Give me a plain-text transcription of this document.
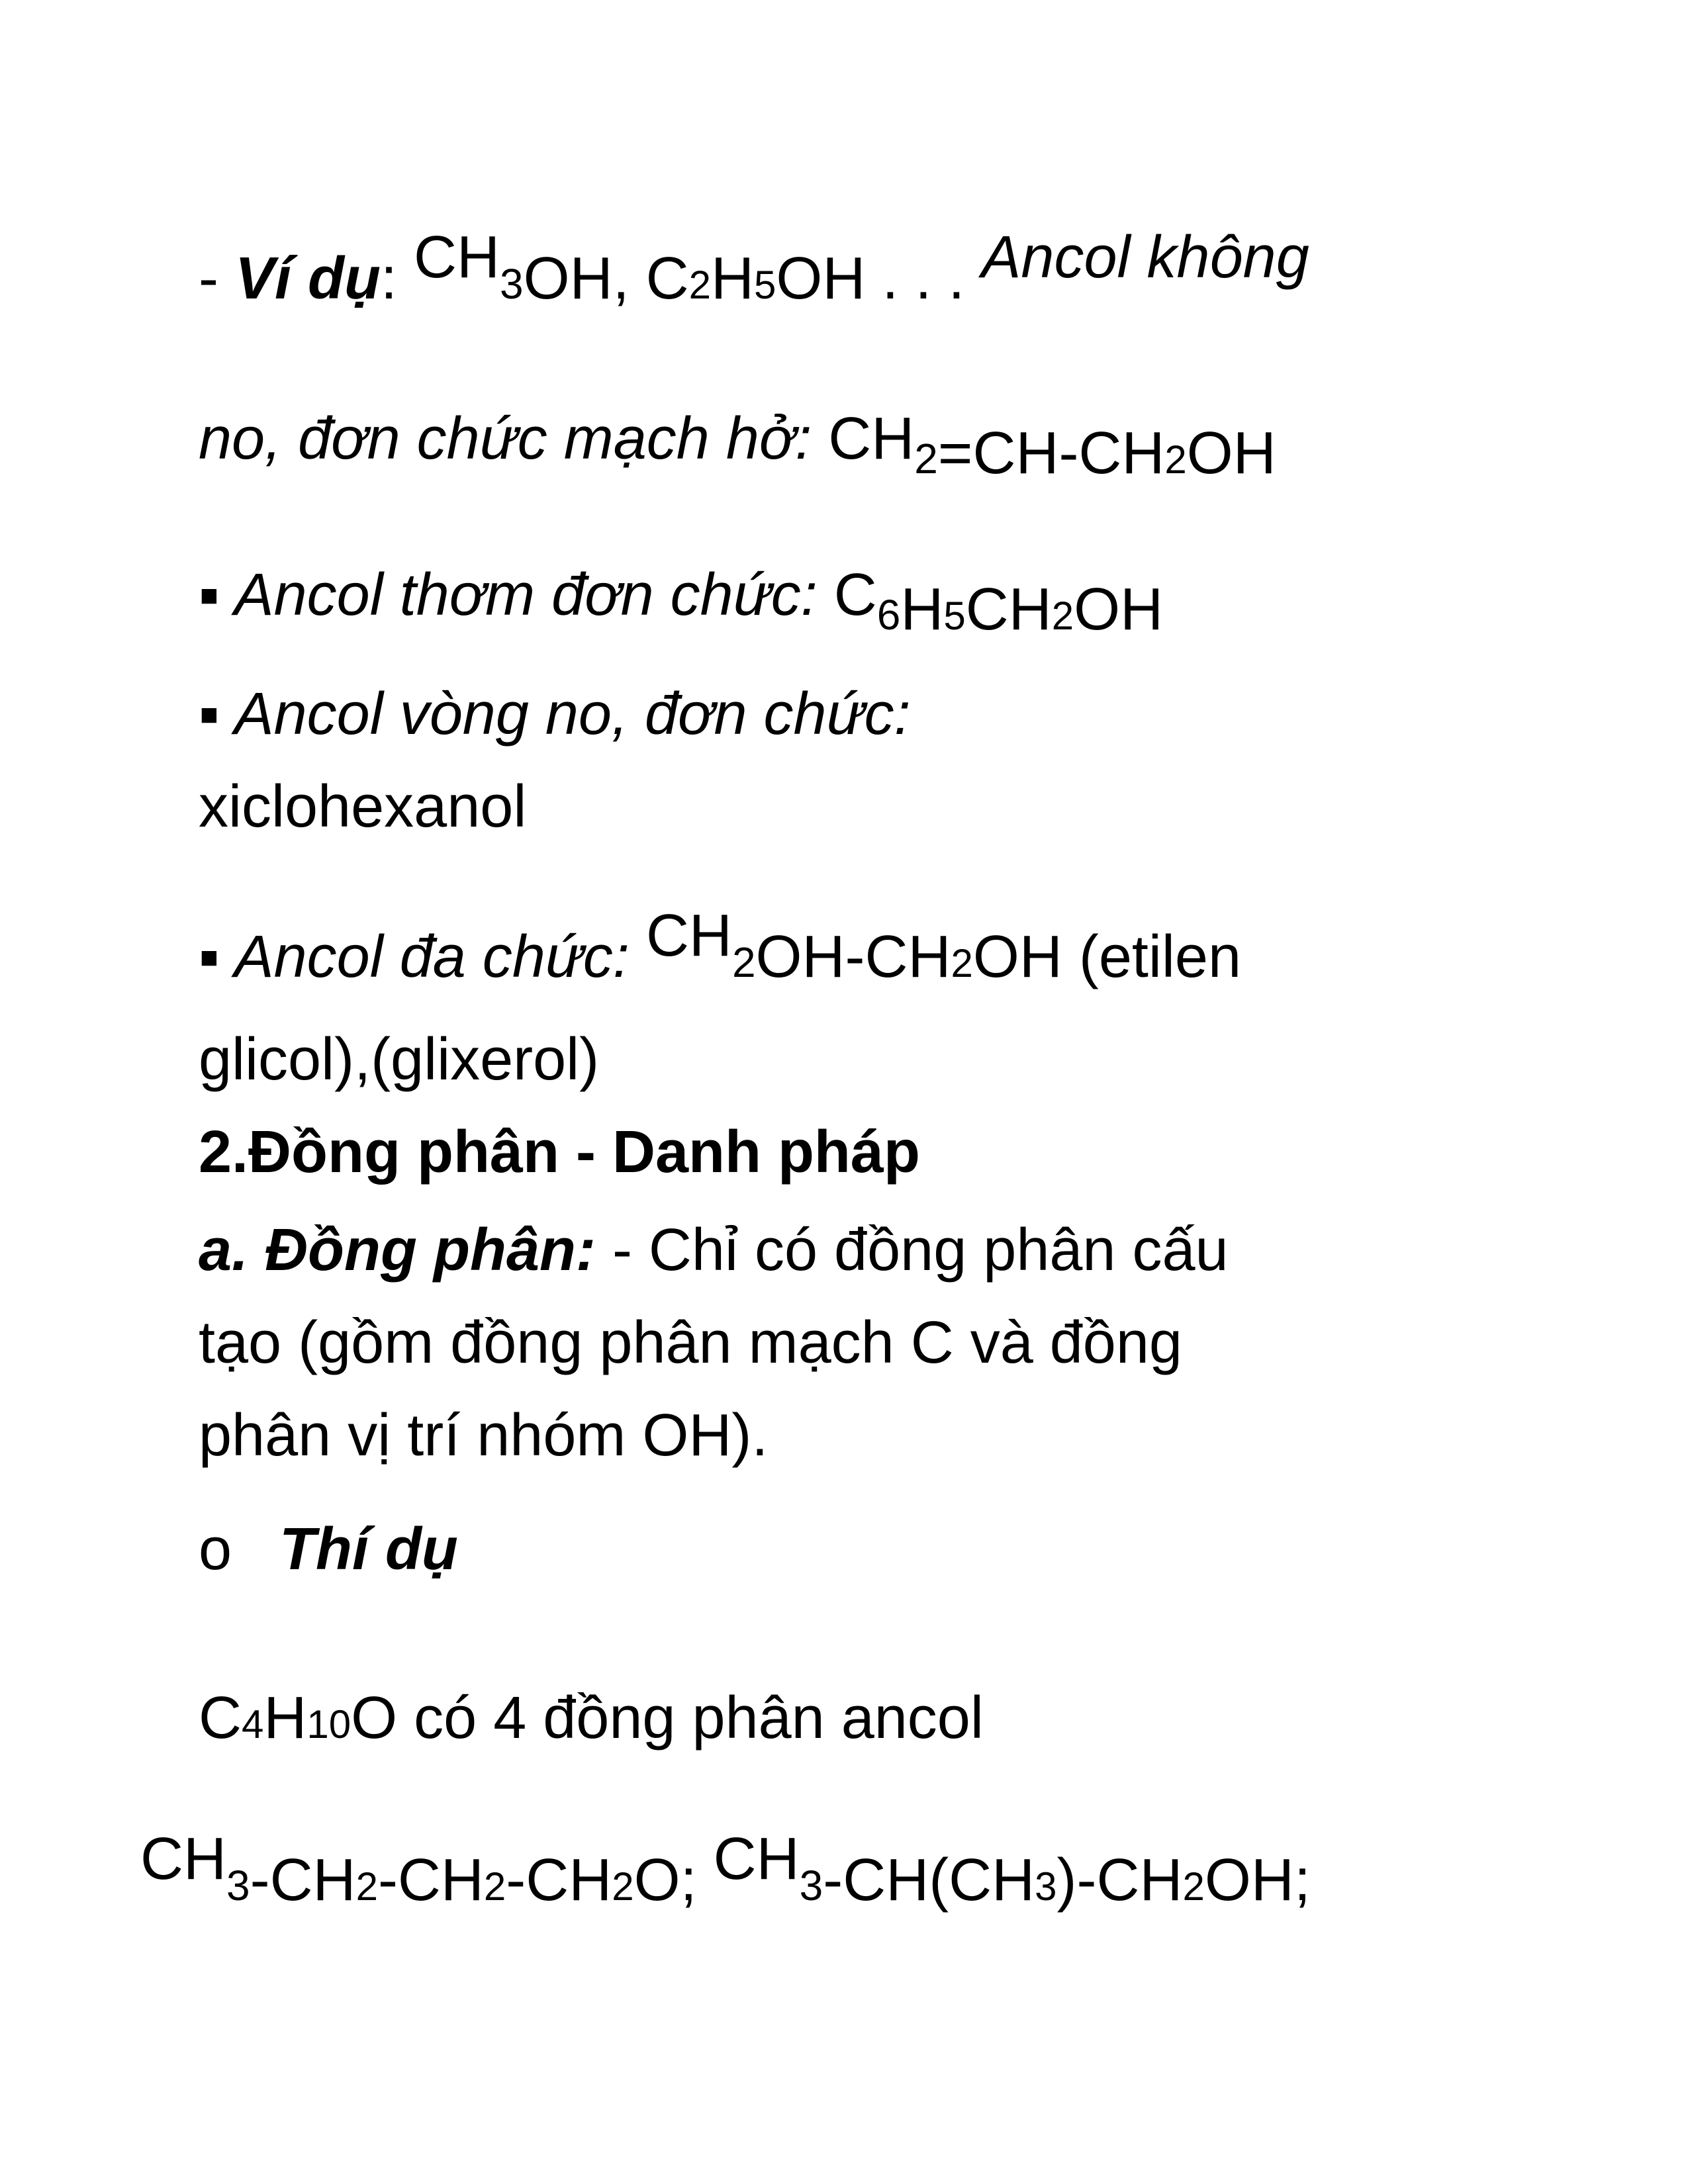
- Ví dụ: CH3OH, C2H5OH . . . Ancol không
no, đơn chức mạch hở: $CH_2=CH-CH_2OH$
▪ Ancol thơm đơn chức: $C_6H_5CH_2OH$
▪ Ancol vòng no, đơn chức:
xiclohexanol
▪ Ancol đa chức: CH2OH-CH2OH (etilen
glicol),(glixerol)
2.Đồng phân - Danh pháp
a. Đồng phân: - Chỉ có đồng phân cấu
tạo (gồm đồng phân mạch C và đồng
phân vị trí nhóm OH).
o Thí dụ
C4H10O có 4 đồng phân ancol
CH3-CH2-CH2-CH2O; CH3-CH(CH3)-CH2OH;
